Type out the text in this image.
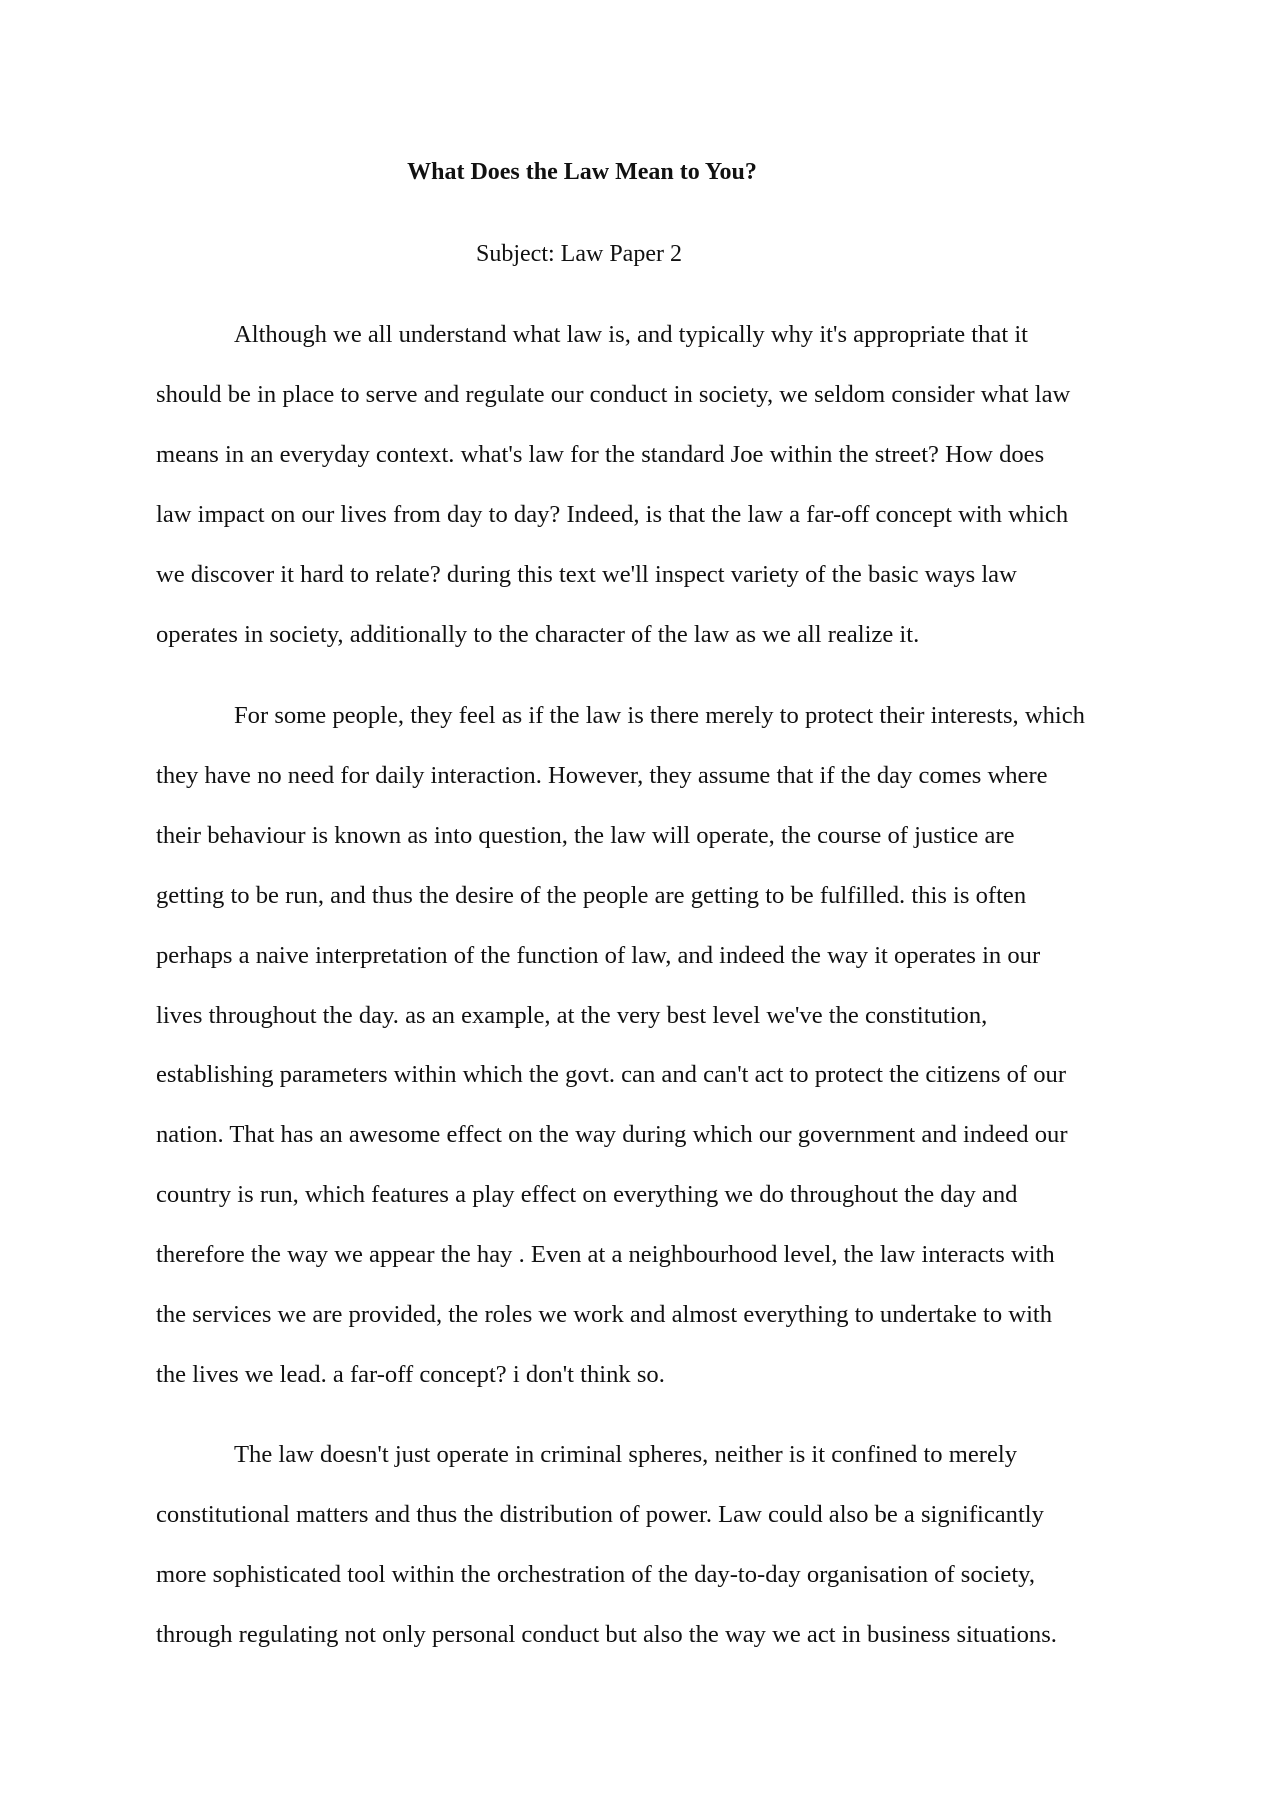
What Does the Law Mean to You?
Subject: Law Paper 2
Although we all understand what law is, and typically why it's appropriate that it
should be in place to serve and regulate our conduct in society, we seldom consider what law
means in an everyday context. what's law for the standard Joe within the street? How does
law impact on our lives from day to day? Indeed, is that the law a far-off concept with which
we discover it hard to relate? during this text we'll inspect variety of the basic ways law
operates in society, additionally to the character of the law as we all realize it.
For some people, they feel as if the law is there merely to protect their interests, which
they have no need for daily interaction. However, they assume that if the day comes where
their behaviour is known as into question, the law will operate, the course of justice are
getting to be run, and thus the desire of the people are getting to be fulfilled. this is often
perhaps a naive interpretation of the function of law, and indeed the way it operates in our
lives throughout the day. as an example, at the very best level we've the constitution,
establishing parameters within which the govt. can and can't act to protect the citizens of our
nation. That has an awesome effect on the way during which our government and indeed our
country is run, which features a play effect on everything we do throughout the day and
therefore the way we appear the hay . Even at a neighbourhood level, the law interacts with
the services we are provided, the roles we work and almost everything to undertake to with
the lives we lead. a far-off concept? i don't think so.
The law doesn't just operate in criminal spheres, neither is it confined to merely
constitutional matters and thus the distribution of power. Law could also be a significantly
more sophisticated tool within the orchestration of the day-to-day organisation of society,
through regulating not only personal conduct but also the way we act in business situations.
